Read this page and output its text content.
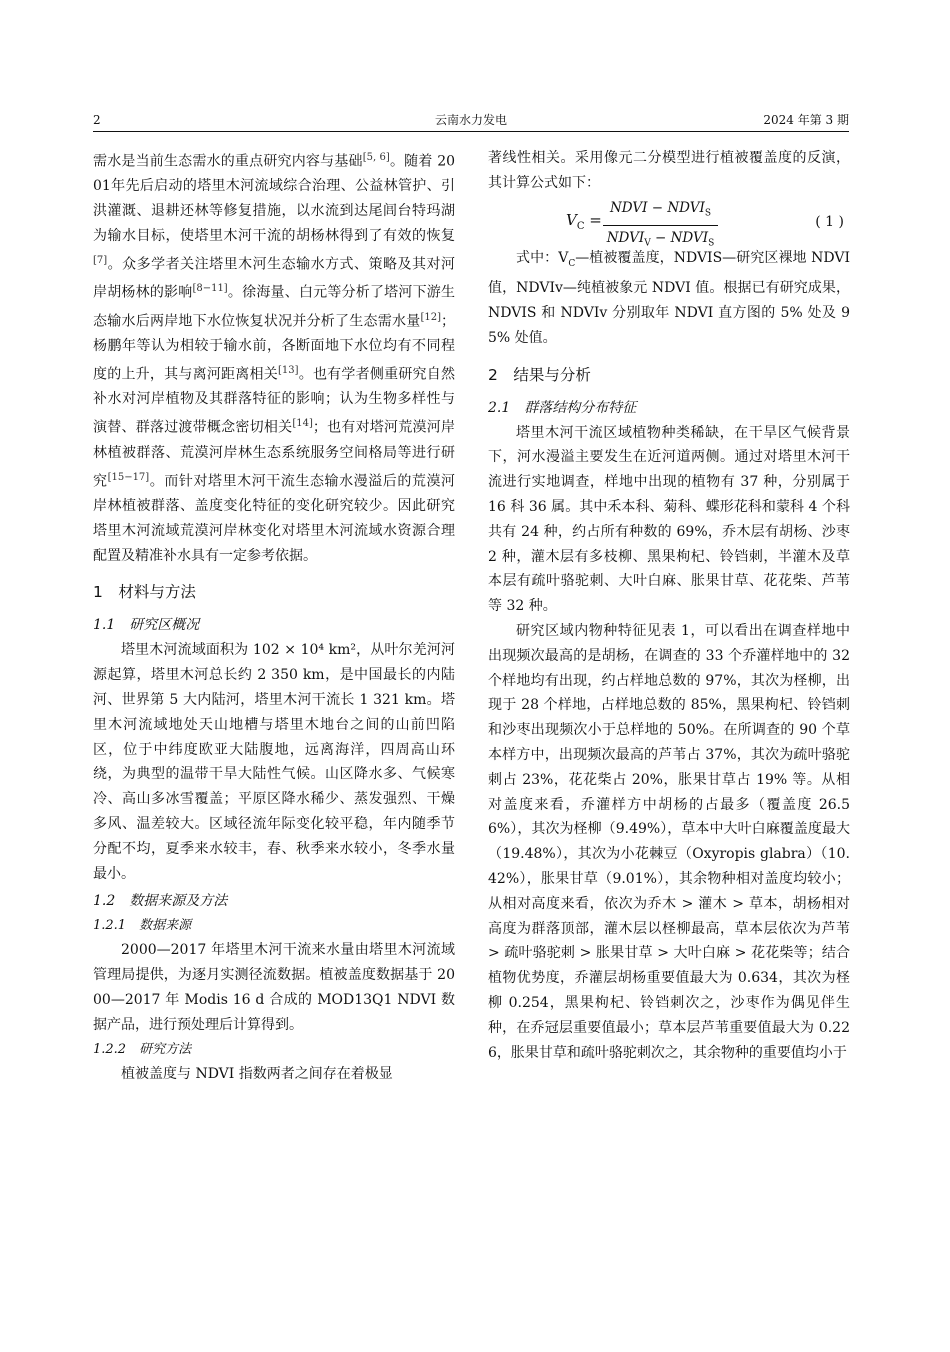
2	云南水力发电	2024 年第 3 期

需水是当前生态需水的重点研究内容与基础[5, 6]。随着 2001年先后启动的塔里木河流域综合治理、公益林管护、引洪灌溉、退耕还林等修复措施，以水流到达尾闾台特玛湖为输水目标，使塔里木河干流的胡杨林得到了有效的恢复[7]。众多学者关注塔里木河生态输水方式、策略及其对河岸胡杨林的影响[8−11]。徐海量、白元等分析了塔河下游生态输水后两岸地下水位恢复状况并分析了生态需水量[12]；杨鹏年等认为相较于输水前，各断面地下水位均有不同程度的上升，其与离河距离相关[13]。也有学者侧重研究自然补水对河岸植物及其群落特征的影响；认为生物多样性与演替、群落过渡带概念密切相关[14]；也有对塔河荒漠河岸林植被群落、荒漠河岸林生态系统服务空间格局等进行研究[15−17]。而针对塔里木河干流生态输水漫溢后的荒漠河岸林植被群落、盖度变化特征的变化研究较少。因此研究塔里木河流域荒漠河岸林变化对塔里木河流域水资源合理配置及精准补水具有一定参考依据。

1　材料与方法

1.1　研究区概况

塔里木河流域面积为 102 × 10⁴ km²，从叶尔羌河河源起算，塔里木河总长约 2 350 km，是中国最长的内陆河、世界第 5 大内陆河，塔里木河干流长 1 321 km。塔里木河流域地处天山地槽与塔里木地台之间的山前凹陷区，位于中纬度欧亚大陆腹地，远离海洋，四周高山环绕，为典型的温带干旱大陆性气候。山区降水多、气候寒冷、高山多冰雪覆盖；平原区降水稀少、蒸发强烈、干燥多风、温差较大。区域径流年际变化较平稳，年内随季节分配不均，夏季来水较丰，春、秋季来水较小，冬季水量最小。

1.2　数据来源及方法

1.2.1　数据来源

2000—2017 年塔里木河干流来水量由塔里木河流域管理局提供，为逐月实测径流数据。植被盖度数据基于 2000—2017 年 Modis 16 d 合成的 MOD13Q1 NDVI 数据产品，进行预处理后计算得到。

1.2.2　研究方法

植被盖度与 NDVI 指数两者之间存在着极显

著线性相关。采用像元二分模型进行植被覆盖度的反演，其计算公式如下：

$V_C$ =
NDVI − $NDVI_S$
$NDVI_V$ − $NDVI_S$
( 1 )

式中：$V_C—$植被覆盖度，NDVIS—研究区裸地 NDVI 值，NDVIv—纯植被象元 NDVI 值。根据已有研究成果，NDVIS 和 NDVIv 分别取年 NDVI 直方图的 5% 处及 95% 处值。

2　结果与分析

2.1　群落结构分布特征

塔里木河干流区域植物种类稀缺，在干旱区气候背景下，河水漫溢主要发生在近河道两侧。通过对塔里木河干流进行实地调查，样地中出现的植物有 37 种，分别属于 16 科 36 属。其中禾本科、菊科、蝶形花科和蒙科 4 个科共有 24 种，约占所有种数的 69%，乔木层有胡杨、沙枣 2 种，灌木层有多枝柳、黑果枸杞、铃铛刺，半灌木及草本层有疏叶骆驼刺、大叶白麻、胀果甘草、花花柴、芦苇等 32 种。

研究区域内物种特征见表 1，可以看出在调查样地中出现频次最高的是胡杨，在调查的 33 个乔灌样地中的 32 个样地均有出现，约占样地总数的 97%，其次为柽柳，出现于 28 个样地，占样地总数的 85%，黑果枸杞、铃铛刺和沙枣出现频次小于总样地的 50%。在所调查的 90 个草本样方中，出现频次最高的芦苇占 37%，其次为疏叶骆驼刺占 23%，花花柴占 20%，胀果甘草占 19% 等。从相对盖度来看，乔灌样方中胡杨的占最多（覆盖度 26.56%），其次为柽柳（9.49%），草本中大叶白麻覆盖度最大（19.48%），其次为小花棘豆（Oxyropis glabra）（10.42%），胀果甘草（9.01%），其余物种相对盖度均较小；从相对高度来看，依次为乔木 > 灌木 > 草本，胡杨相对高度为群落顶部，灌木层以柽柳最高，草本层依次为芦苇 > 疏叶骆驼刺 > 胀果甘草 > 大叶白麻 > 花花柴等；结合植物优势度，乔灌层胡杨重要值最大为 0.634，其次为柽柳 0.254，黑果枸杞、铃铛刺次之，沙枣作为偶见伴生种，在乔冠层重要值最小；草本层芦苇重要值最大为 0.226，胀果甘草和疏叶骆驼刺次之，其余物种的重要值均小于
